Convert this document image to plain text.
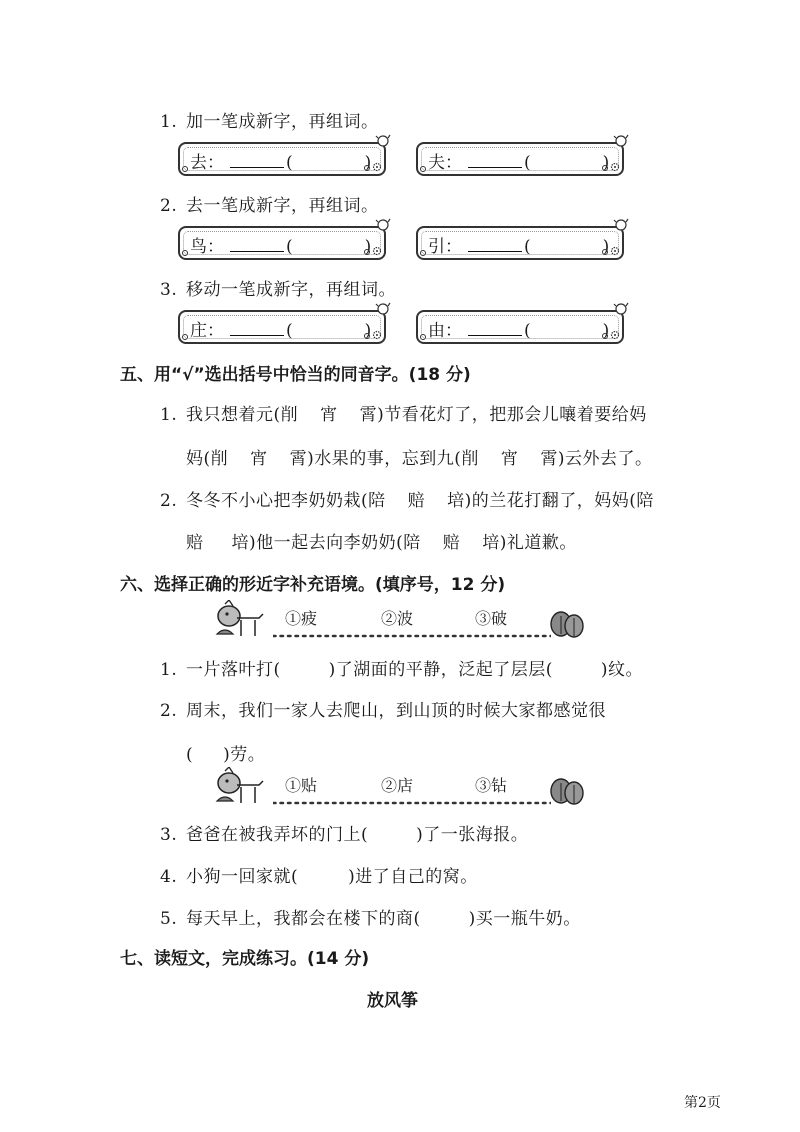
1. 加一笔成新字，再组词。
去：	(	)	夫：	(	)
2. 去一笔成新字，再组词。
鸟：	(	)	引：	(	)
3. 移动一笔成新字，再组词。
庄：	(	)	由：	(	)
五、用“√”选出括号中恰当的同音字。(18 分)
1. 我只想着元(削 宵 霄)节看花灯了，把那会儿嚷着要给妈
妈(削 宵 霄)水果的事，忘到九(削 宵 霄)云外去了。
2. 冬冬不小心把李奶奶栽(陪 赔 培)的兰花打翻了，妈妈(陪
赔 培)他一起去向李奶奶(陪 赔 培)礼道歉。
六、选择正确的形近字补充语境。(填序号，12 分)
①疲	②波	③破
1. 一片落叶打(	)了湖面的平静，泛起了层层(	)纹。
2. 周末，我们一家人去爬山，到山顶的时候大家都感觉很
( )劳。
①贴	②店	③钻
3. 爸爸在被我弄坏的门上(	)了一张海报。
4. 小狗一回家就(	)进了自己的窝。
5. 每天早上，我都会在楼下的商(	)买一瓶牛奶。
七、读短文，完成练习。(14 分)
放风筝
第2页
